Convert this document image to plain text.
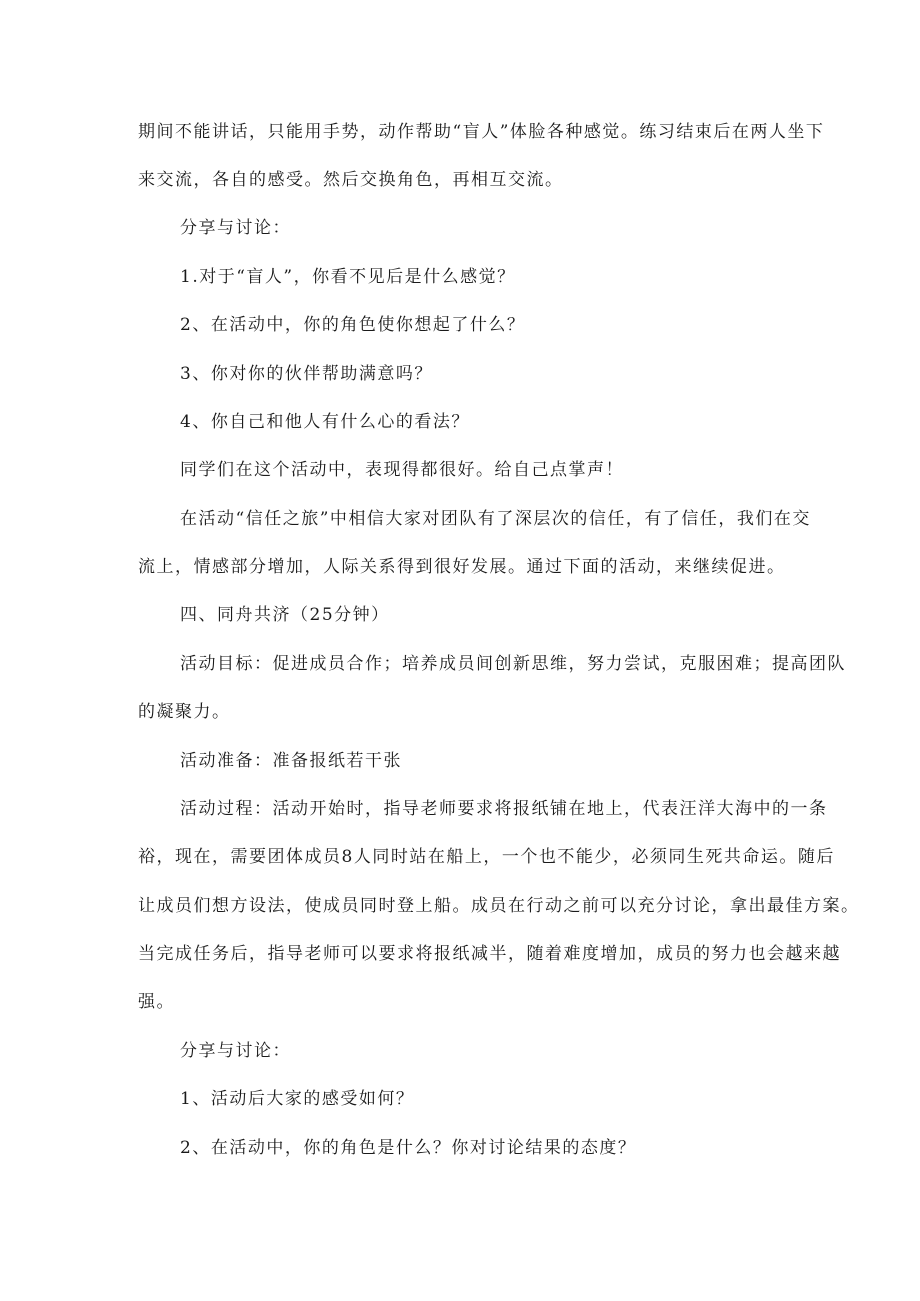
期间不能讲话，只能用手势，动作帮助“盲人”体脸各种感觉。练习结束后在两人坐下

来交流，各自的感受。然后交换角色，再相互交流。

分享与讨论：

1.对于“盲人”，你看不见后是什么感觉？

2、在活动中，你的角色使你想起了什么？

3、你对你的伙伴帮助满意吗？

4、你自己和他人有什么心的看法？

同学们在这个活动中，表现得都很好。给自己点掌声！

在活动“信任之旅”中相信大家对团队有了深层次的信任，有了信任，我们在交

流上，情感部分增加，人际关系得到很好发展。通过下面的活动，来继续促进。

四、同舟共济（25分钟）

活动目标：促进成员合作；培养成员间创新思维，努力尝试，克服困难；提高团队

的凝聚力。

活动准备：准备报纸若干张

活动过程：活动开始时，指导老师要求将报纸铺在地上，代表汪洋大海中的一条

裕，现在，需要团体成员8人同时站在船上，一个也不能少，必须同生死共命运。随后

让成员们想方设法，使成员同时登上船。成员在行动之前可以充分讨论，拿出最佳方案。

当完成任务后，指导老师可以要求将报纸减半，随着难度增加，成员的努力也会越来越

强。

分享与讨论：

1、活动后大家的感受如何？

2、在活动中，你的角色是什么？你对讨论结果的态度？
